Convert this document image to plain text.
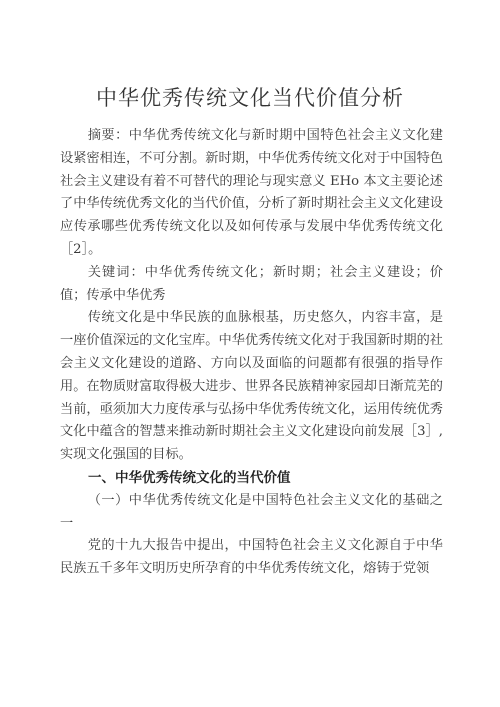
中华优秀传统文化当代价值分析

摘要：中华优秀传统文化与新时期中国特色社会主义文化建设紧密相连，不可分割。新时期，中华优秀传统文化对于中国特色社会主义建设有着不可替代的理论与现实意义 EHo 本文主要论述了中华传统优秀文化的当代价值，分析了新时期社会主义文化建设应传承哪些优秀传统文化以及如何传承与发展中华优秀传统文化［2］。

关键词：中华优秀传统文化；新时期；社会主义建设；价值；传承中华优秀

传统文化是中华民族的血脉根基，历史悠久，内容丰富，是一座价值深远的文化宝库。中华优秀传统文化对于我国新时期的社会主义文化建设的道路、方向以及面临的问题都有很强的指导作用。在物质财富取得极大进步、世界各民族精神家园却日渐荒芜的当前，亟须加大力度传承与弘扬中华优秀传统文化，运用传统优秀文化中蕴含的智慧来推动新时期社会主义文化建设向前发展［3］,实现文化强国的目标。

一、中华优秀传统文化的当代价值

（一）中华优秀传统文化是中国特色社会主义文化的基础之一

党的十九大报告中提出，中国特色社会主义文化源自于中华民族五千多年文明历史所孕育的中华优秀传统文化，熔铸于党领
